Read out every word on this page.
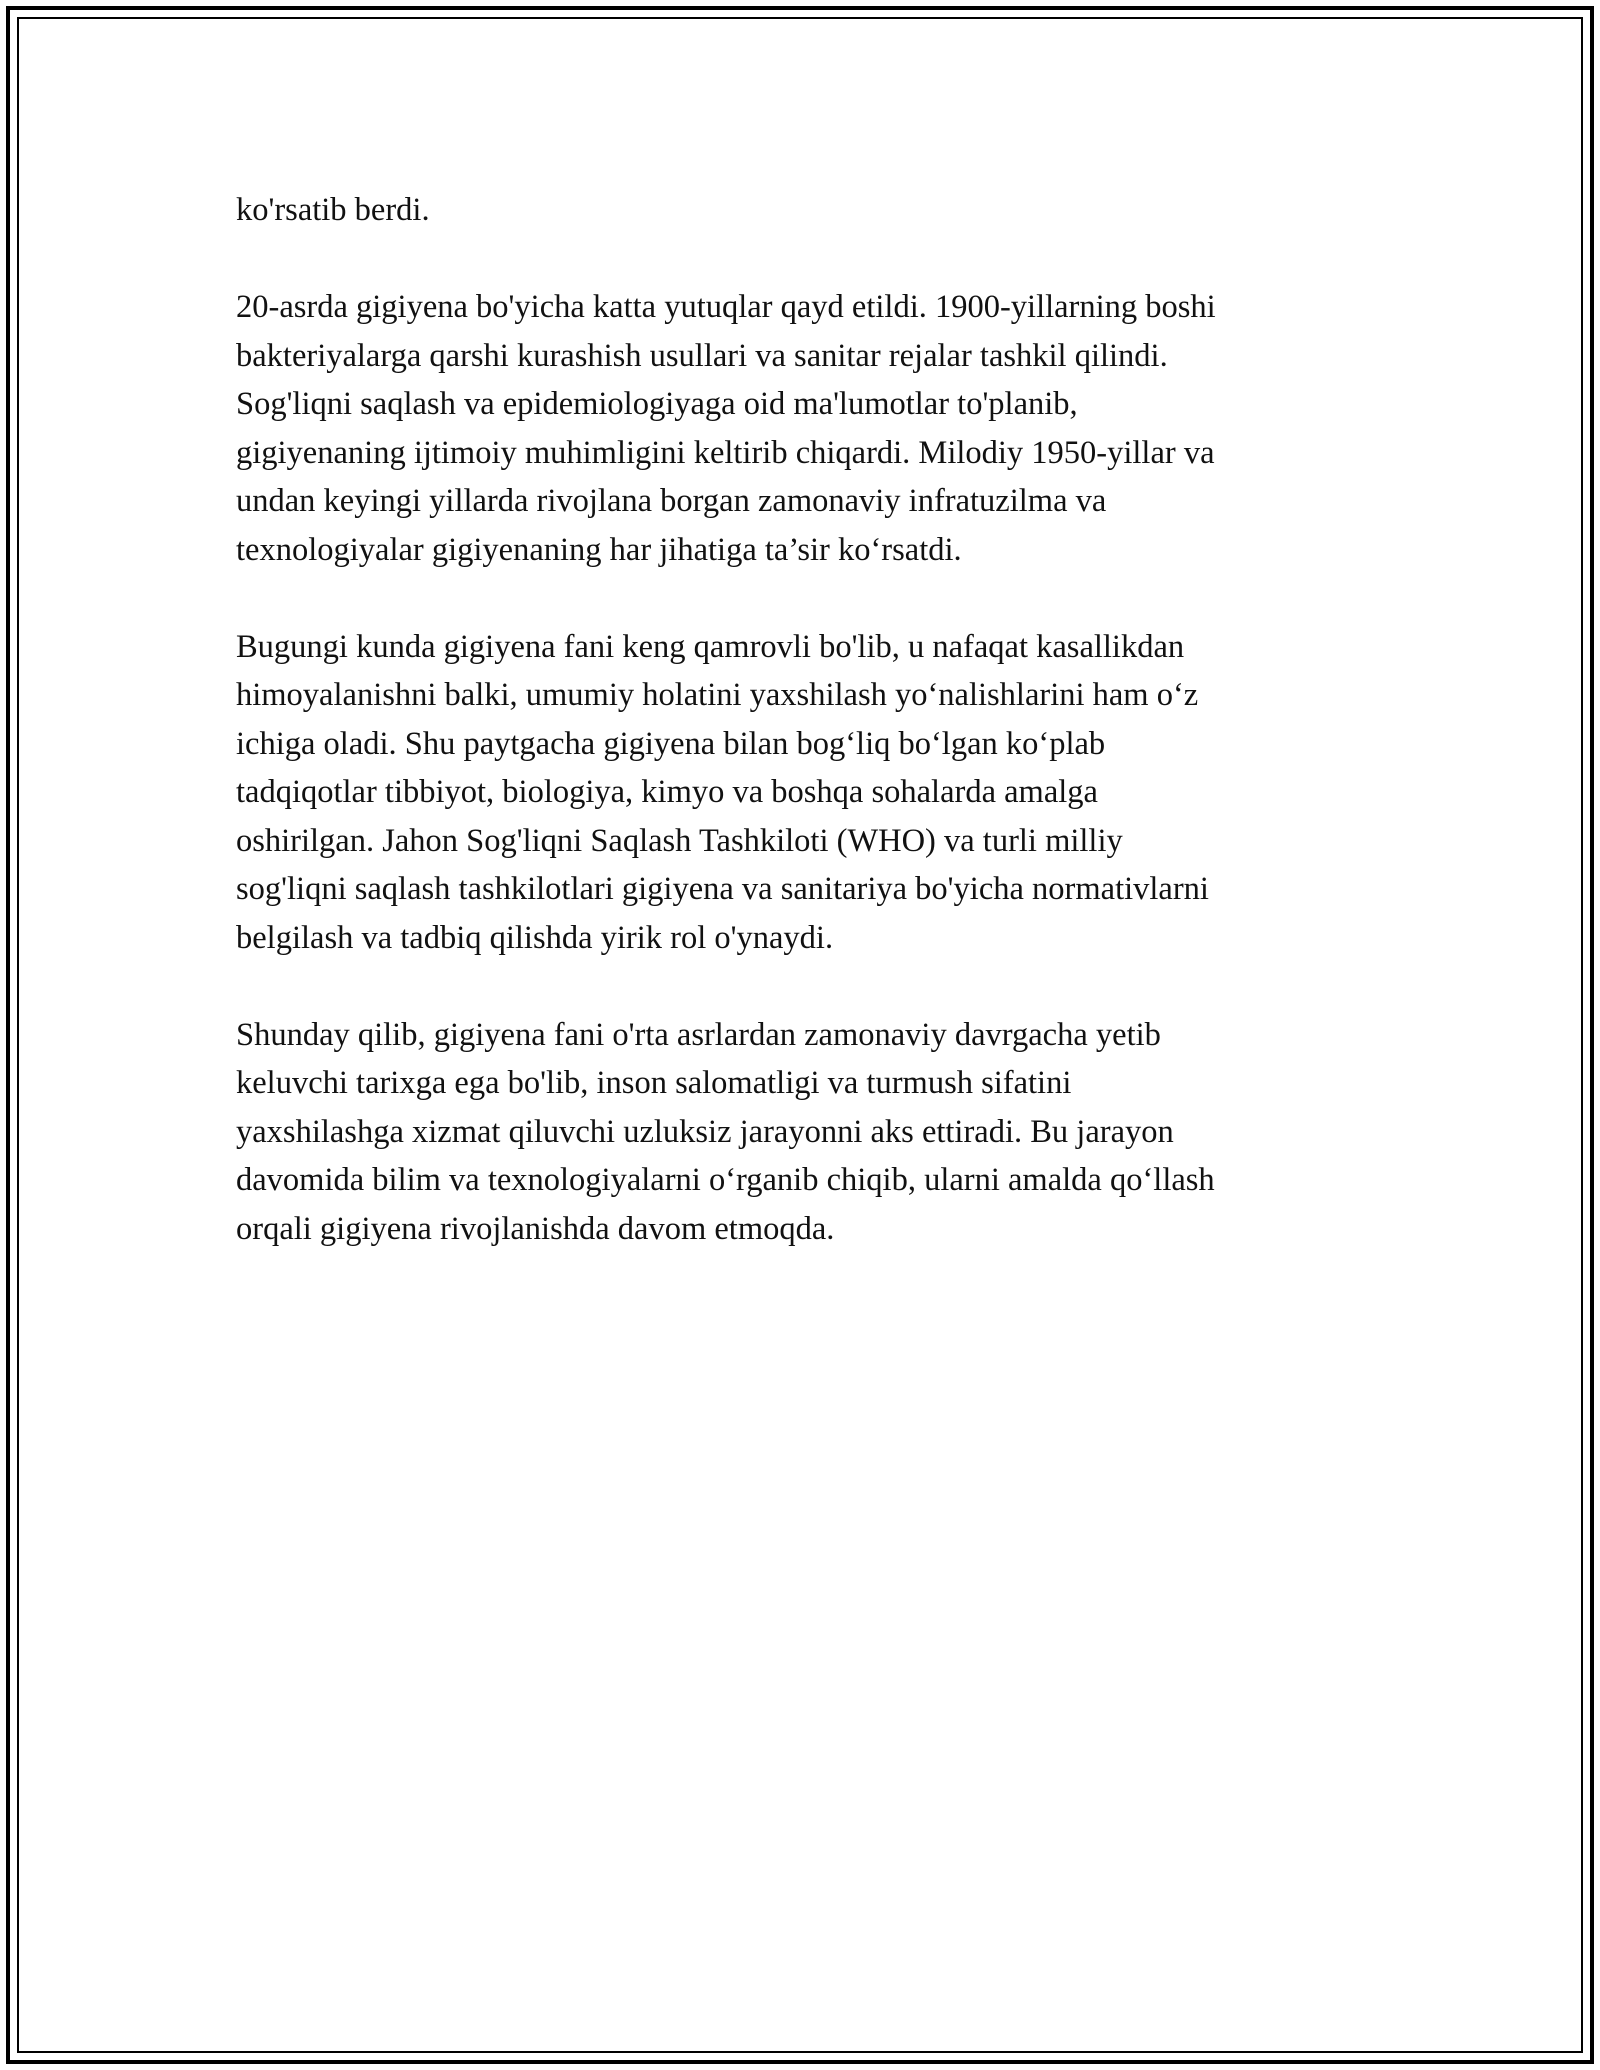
ko'rsatib berdi.

20-asrda gigiyena bo'yicha katta yutuqlar qayd etildi. 1900-yillarning boshi
bakteriyalarga qarshi kurashish usullari va sanitar rejalar tashkil qilindi.
Sog'liqni saqlash va epidemiologiyaga oid ma'lumotlar to'planib,
gigiyenaning ijtimoiy muhimligini keltirib chiqardi. Milodiy 1950-yillar va
undan keyingi yillarda rivojlana borgan zamonaviy infratuzilma va
texnologiyalar gigiyenaning har jihatiga ta’sir ko‘rsatdi.

Bugungi kunda gigiyena fani keng qamrovli bo'lib, u nafaqat kasallikdan
himoyalanishni balki, umumiy holatini yaxshilash yo‘nalishlarini ham o‘z
ichiga oladi. Shu paytgacha gigiyena bilan bog‘liq bo‘lgan ko‘plab
tadqiqotlar tibbiyot, biologiya, kimyo va boshqa sohalarda amalga
oshirilgan. Jahon Sog'liqni Saqlash Tashkiloti (WHO) va turli milliy
sog'liqni saqlash tashkilotlari gigiyena va sanitariya bo'yicha normativlarni
belgilash va tadbiq qilishda yirik rol o'ynaydi.

Shunday qilib, gigiyena fani o'rta asrlardan zamonaviy davrgacha yetib
keluvchi tarixga ega bo'lib, inson salomatligi va turmush sifatini
yaxshilashga xizmat qiluvchi uzluksiz jarayonni aks ettiradi. Bu jarayon
davomida bilim va texnologiyalarni o‘rganib chiqib, ularni amalda qo‘llash
orqali gigiyena rivojlanishda davom etmoqda.
